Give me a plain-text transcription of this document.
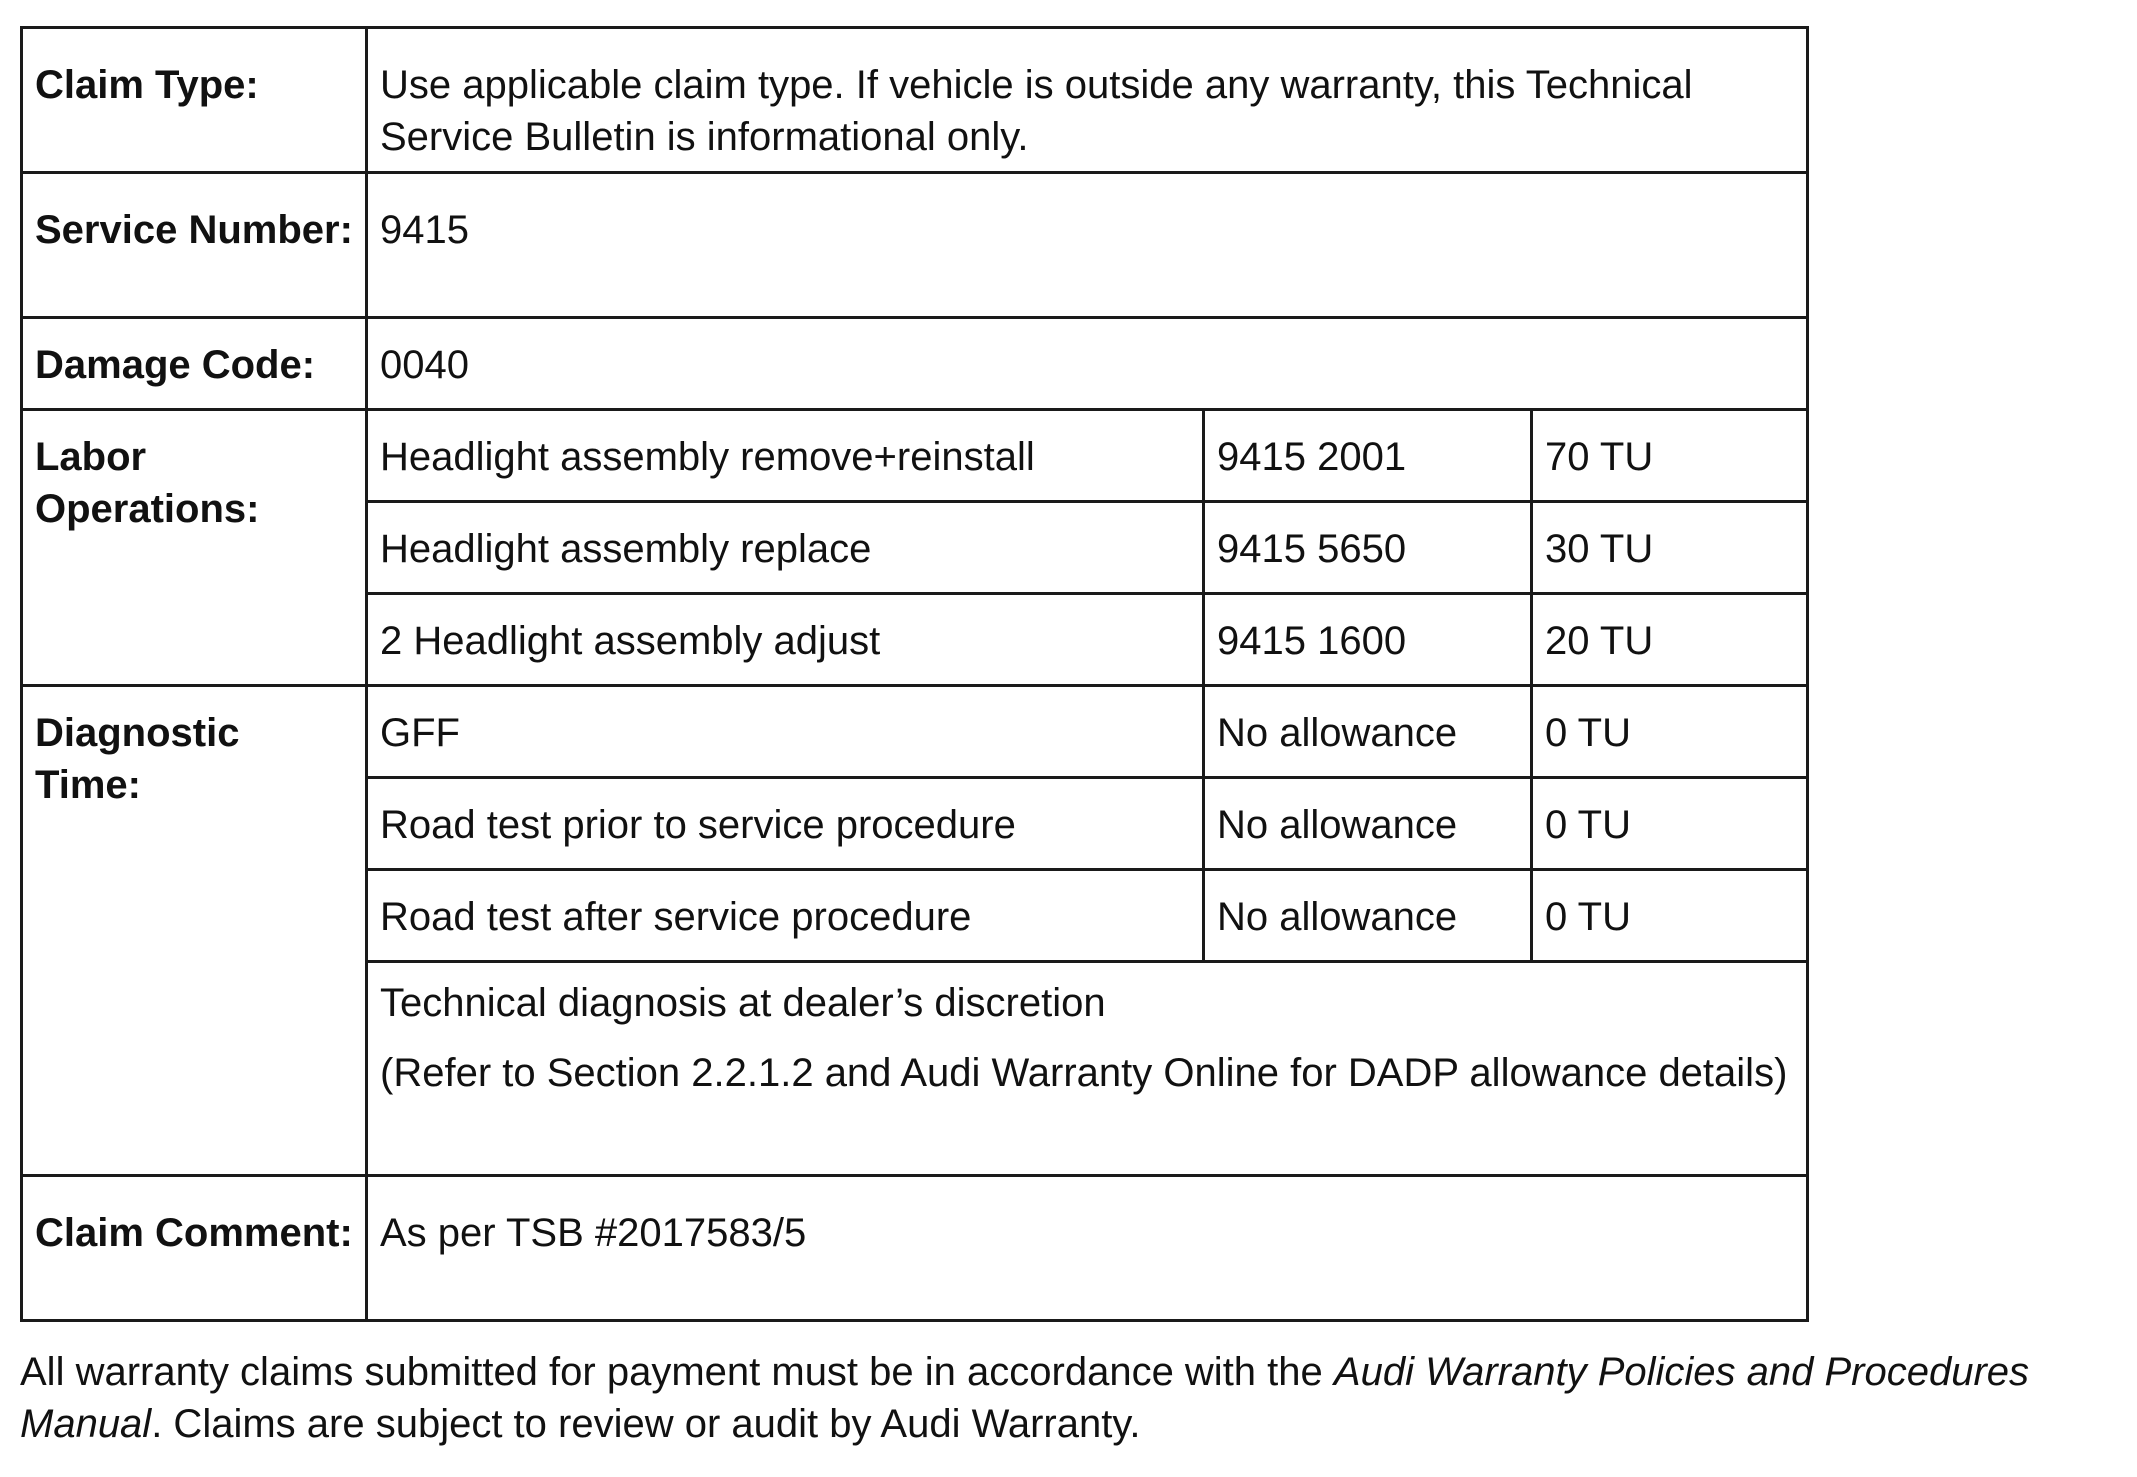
Claim Type:	Use applicable claim type. If vehicle is outside any warranty, this Technical Service Bulletin is informational only.		
Service Number:	9415		
Damage Code:	0040		
Labor Operations:	Headlight assembly remove+reinstall	9415 2001	70 TU
	Headlight assembly replace	9415 5650	30 TU
	2 Headlight assembly adjust	9415 1600	20 TU
Diagnostic Time:	GFF	No allowance	0 TU
	Road test prior to service procedure	No allowance	0 TU
	Road test after service procedure	No allowance	0 TU

	Technical diagnosis at dealer’s discretion
(Refer to Section 2.2.1.2 and Audi Warranty Online for DADP allowance details)		

Claim Comment:	As per TSB #2017583/5		

All warranty claims submitted for payment must be in accordance with the Audi Warranty Policies and Procedures Manual. Claims are subject to review or audit by Audi Warranty.
